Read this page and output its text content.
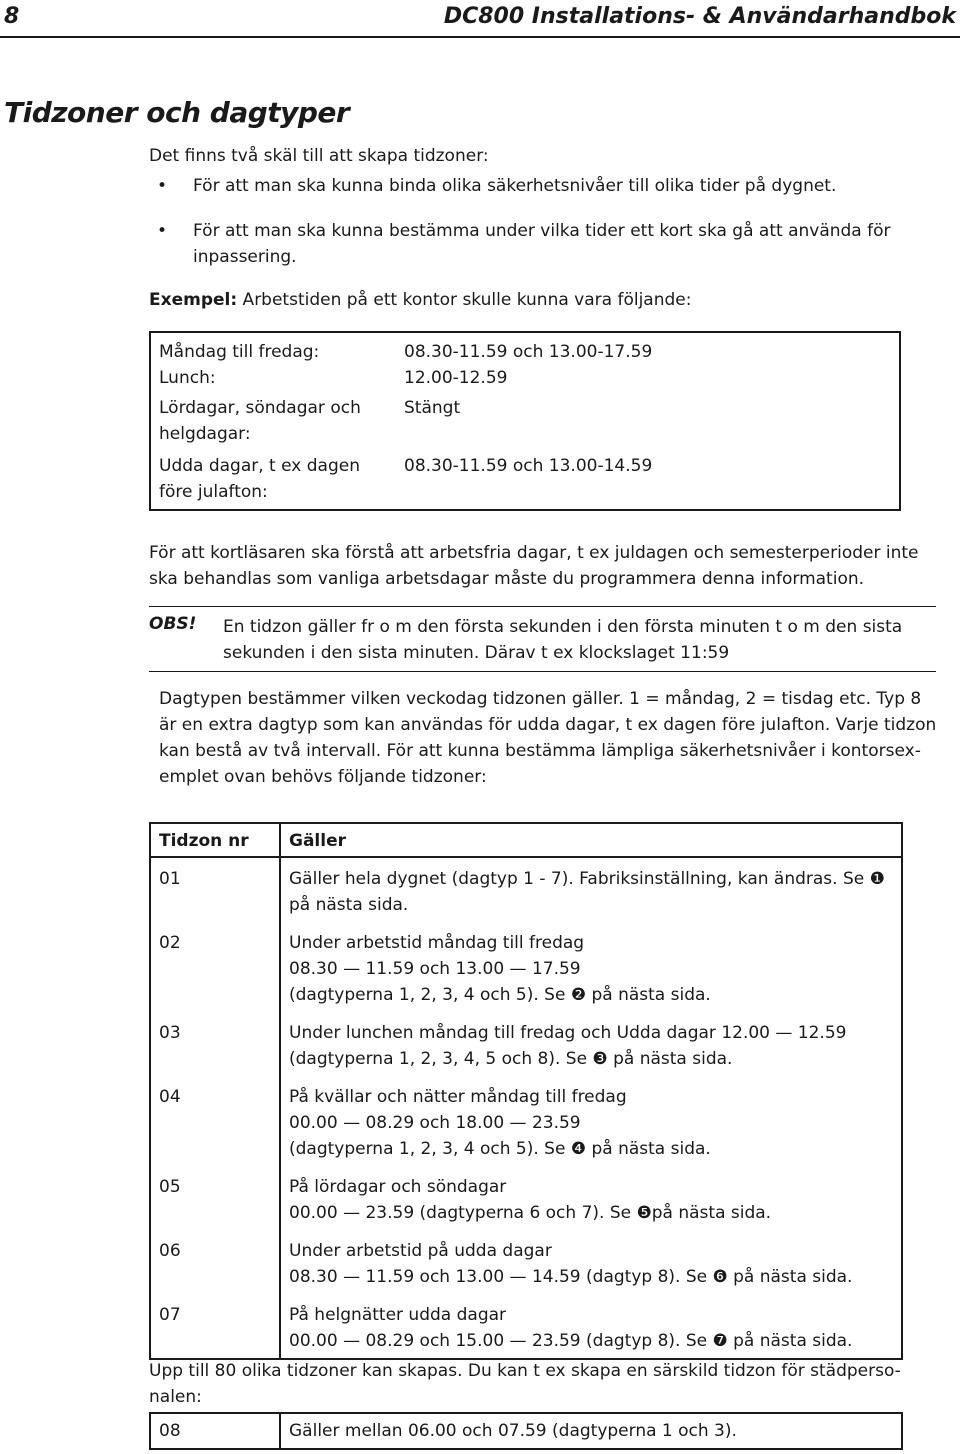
8	DC800 Installations- & Användarhandbok
Tidzoner och dagtyper
Det finns två skäl till att skapa tidzoner:
• För att man ska kunna binda olika säkerhetsnivåer till olika tider på dygnet.
• För att man ska kunna bestämma under vilka tider ett kort ska gå att använda för
inpassering.
Exempel: Arbetstiden på ett kontor skulle kunna vara följande:
Måndag till fredag:	08.30-11.59 och 13.00-17.59
Lunch:	12.00-12.59

Lördagar, söndagar och
helgdagar:	Stängt

Udda dagar, t ex dagen
före julafton:	08.30-11.59 och 13.00-14.59
För att kortläsaren ska förstå att arbetsfria dagar, t ex juldagen och semesterperioder inte
ska behandlas som vanliga arbetsdagar måste du programmera denna information.
OBS! En tidzon gäller fr o m den första sekunden i den första minuten t o m den sista
sekunden i den sista minuten. Därav t ex klockslaget 11:59
Dagtypen bestämmer vilken veckodag tidzonen gäller. 1 = måndag, 2 = tisdag etc. Typ 8
är en extra dagtyp som kan användas för udda dagar, t ex dagen före julafton. Varje tidzon
kan bestå av två intervall. För att kunna bestämma lämpliga säkerhetsnivåer i kontorsex-
emplet ovan behövs följande tidzoner:
Tidzon nr	Gäller
01	Gäller hela dygnet (dagtyp 1 - 7). Fabriksinställning, kan ändras. Se ❶
på nästa sida.

02	Under arbetstid måndag till fredag
08.30 — 11.59 och 13.00 — 17.59
(dagtyperna 1, 2, 3, 4 och 5). Se ❷ på nästa sida.

03	Under lunchen måndag till fredag och Udda dagar 12.00 — 12.59
(dagtyperna 1, 2, 3, 4, 5 och 8). Se ❸ på nästa sida.

04	På kvällar och nätter måndag till fredag
00.00 — 08.29 och 18.00 — 23.59
(dagtyperna 1, 2, 3, 4 och 5). Se ❹ på nästa sida.

05	På lördagar och söndagar
00.00 — 23.59 (dagtyperna 6 och 7). Se ❺på nästa sida.

06	Under arbetstid på udda dagar
08.30 — 11.59 och 13.00 — 14.59 (dagtyp 8). Se ❻ på nästa sida.

07	På helgnätter udda dagar
00.00 — 08.29 och 15.00 — 23.59 (dagtyp 8). Se ❼ på nästa sida.
Upp till 80 olika tidzoner kan skapas. Du kan t ex skapa en särskild tidzon för städperso-
nalen:
08	Gäller mellan 06.00 och 07.59 (dagtyperna 1 och 3).
